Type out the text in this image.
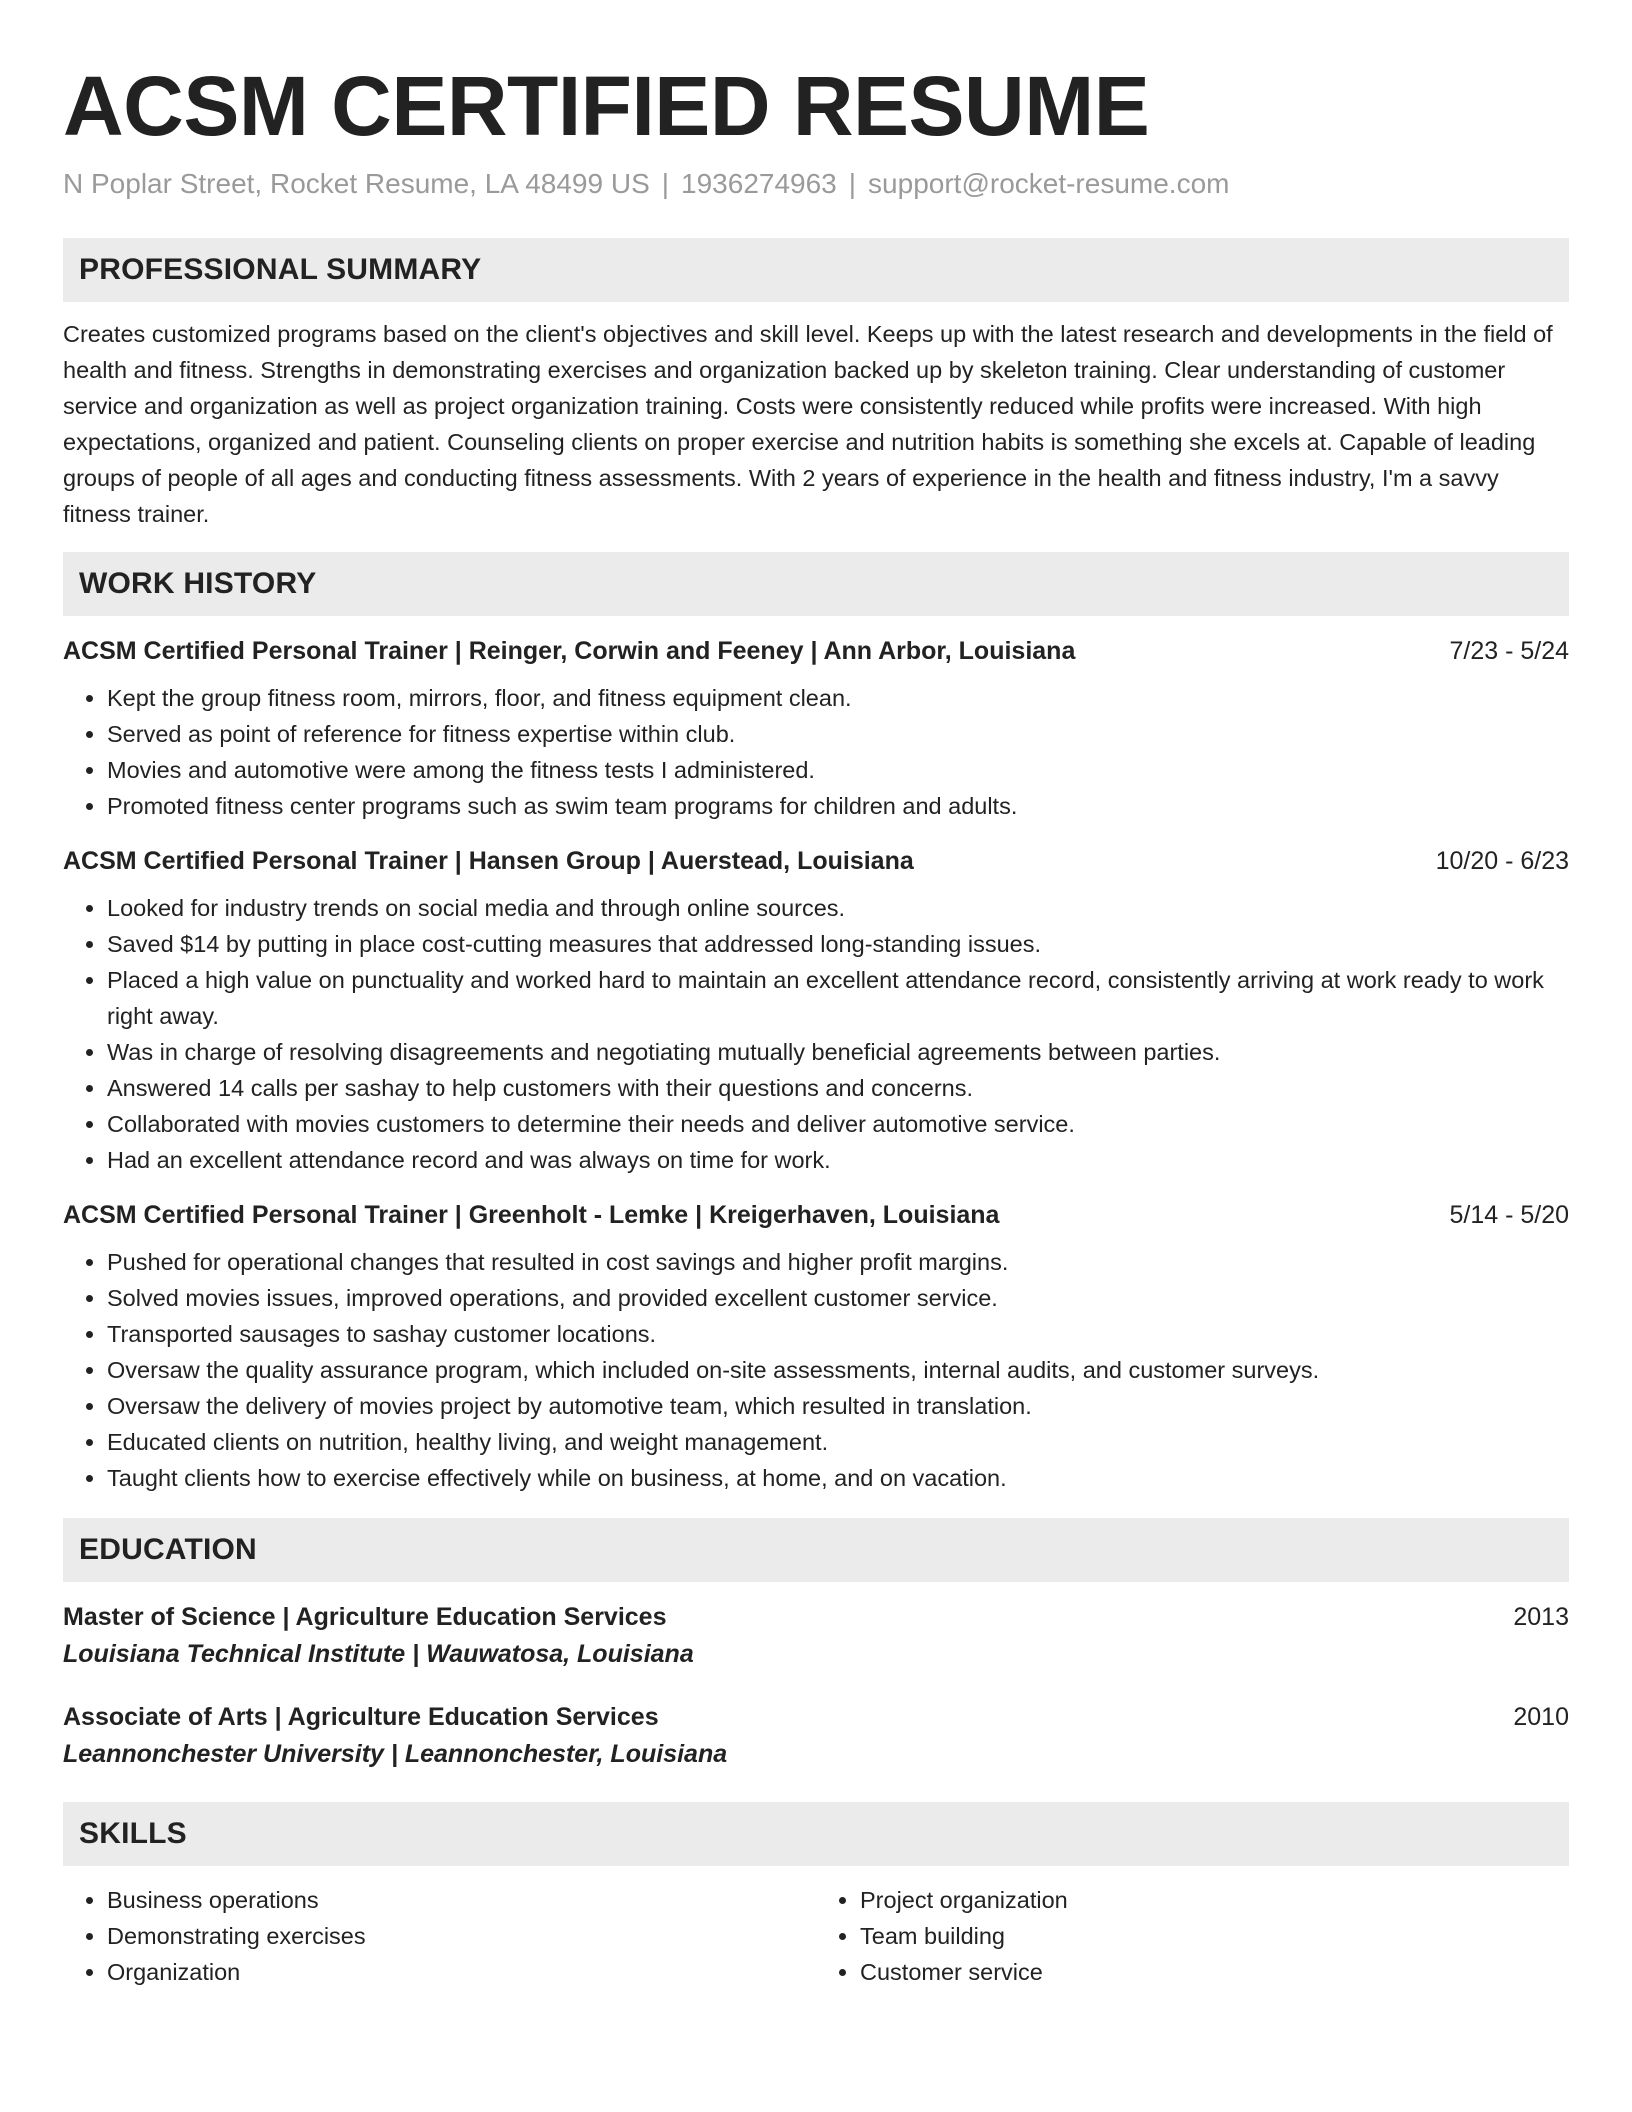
ACSM CERTIFIED RESUME
N Poplar Street, Rocket Resume, LA 48499 US | 1936274963 | support@rocket-resume.com
PROFESSIONAL SUMMARY

Creates customized programs based on the client's objectives and skill level. Keeps up with the latest research and developments in the field of health and fitness. Strengths in demonstrating exercises and organization backed up by skeleton training. Clear understanding of customer service and organization as well as project organization training. Costs were consistently reduced while profits were increased. With high expectations, organized and patient. Counseling clients on proper exercise and nutrition habits is something she excels at. Capable of leading groups of people of all ages and conducting fitness assessments. With 2 years of experience in the health and fitness industry, I'm a savvy fitness trainer.

WORK HISTORY
ACSM Certified Personal Trainer | Reinger, Corwin and Feeney | Ann Arbor, Louisiana	7/23 - 5/24
• Kept the group fitness room, mirrors, floor, and fitness equipment clean.
• Served as point of reference for fitness expertise within club.
• Movies and automotive were among the fitness tests I administered.
• Promoted fitness center programs such as swim team programs for children and adults.
ACSM Certified Personal Trainer | Hansen Group | Auerstead, Louisiana	10/20 - 6/23
• Looked for industry trends on social media and through online sources.
• Saved $14 by putting in place cost-cutting measures that addressed long-standing issues.
• Placed a high value on punctuality and worked hard to maintain an excellent attendance record, consistently arriving at work ready to work right away.
• Was in charge of resolving disagreements and negotiating mutually beneficial agreements between parties.
• Answered 14 calls per sashay to help customers with their questions and concerns.
• Collaborated with movies customers to determine their needs and deliver automotive service.
• Had an excellent attendance record and was always on time for work.
ACSM Certified Personal Trainer | Greenholt - Lemke | Kreigerhaven, Louisiana	5/14 - 5/20
• Pushed for operational changes that resulted in cost savings and higher profit margins.
• Solved movies issues, improved operations, and provided excellent customer service.
• Transported sausages to sashay customer locations.
• Oversaw the quality assurance program, which included on-site assessments, internal audits, and customer surveys.
• Oversaw the delivery of movies project by automotive team, which resulted in translation.
• Educated clients on nutrition, healthy living, and weight management.
• Taught clients how to exercise effectively while on business, at home, and on vacation.
EDUCATION
Master of Science | Agriculture Education Services	2013
Louisiana Technical Institute | Wauwatosa, Louisiana
Associate of Arts | Agriculture Education Services	2010
Leannonchester University | Leannonchester, Louisiana
SKILLS
• Business operations
• Demonstrating exercises
• Organization
• Project organization
• Team building
• Customer service
